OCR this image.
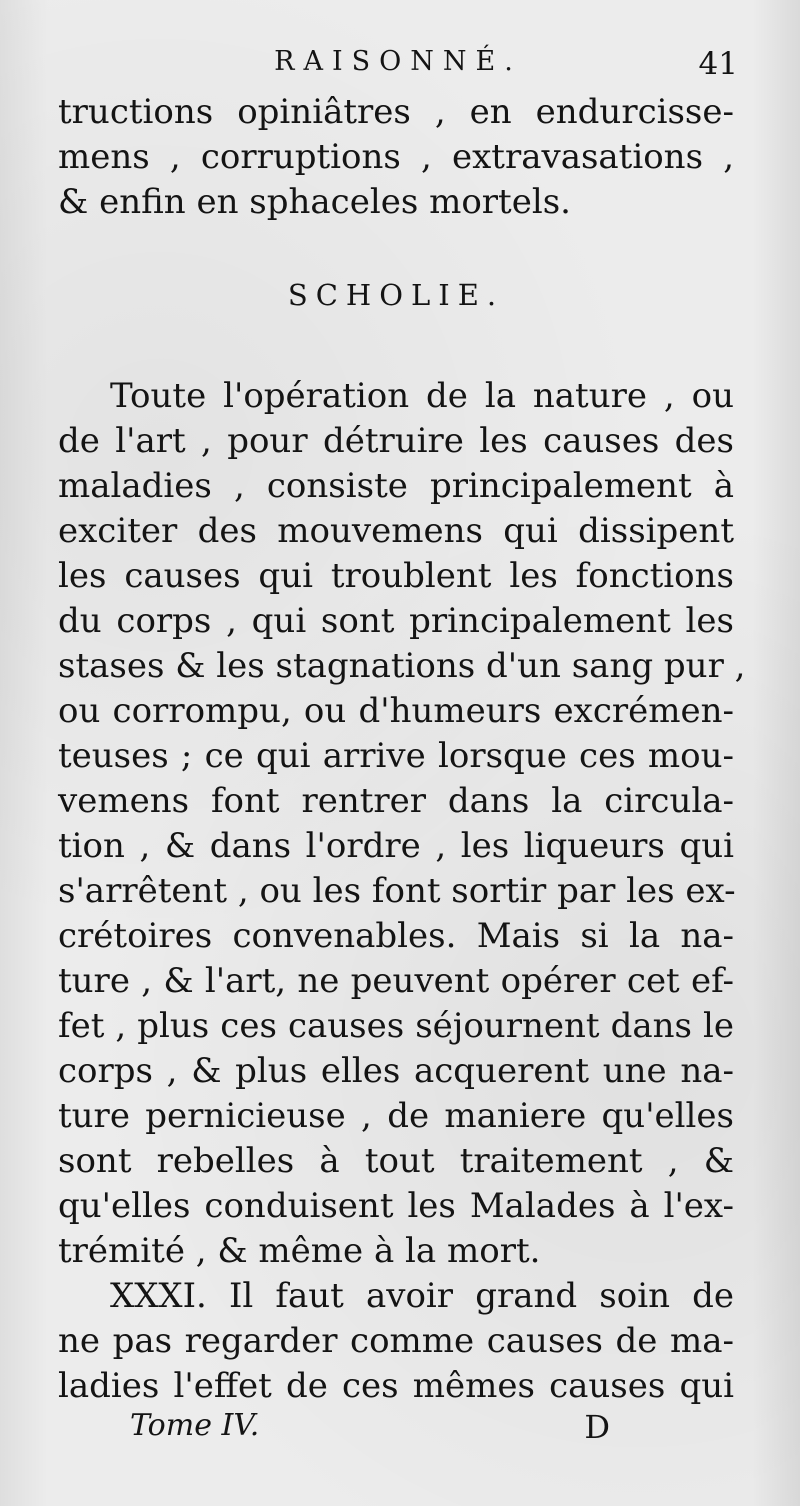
RAISONNÉ.	41
tructions opiniâtres , en endurcisse-
mens , corruptions , extravasations ,
& enfin en sphaceles mortels.
SCHOLIE.
Toute l'opération de la nature , ou
de l'art , pour détruire les causes des
maladies , consiste principalement à
exciter des mouvemens qui dissipent
les causes qui troublent les fonctions
du corps , qui sont principalement les
stases & les stagnations d'un sang pur ,
ou corrompu, ou d'humeurs excrémen-
teuses ; ce qui arrive lorsque ces mou-
vemens font rentrer dans la circula-
tion , & dans l'ordre , les liqueurs qui
s'arrêtent , ou les font sortir par les ex-
crétoires convenables. Mais si la na-
ture , & l'art, ne peuvent opérer cet ef-
fet , plus ces causes séjournent dans le
corps , & plus elles acquerent une na-
ture pernicieuse , de maniere qu'elles
sont rebelles à tout traitement , &
qu'elles conduisent les Malades à l'ex-
trémité , & même à la mort.
XXXI. Il faut avoir grand soin de
ne pas regarder comme causes de ma-
ladies l'effet de ces mêmes causes qui
Tome IV.	D
